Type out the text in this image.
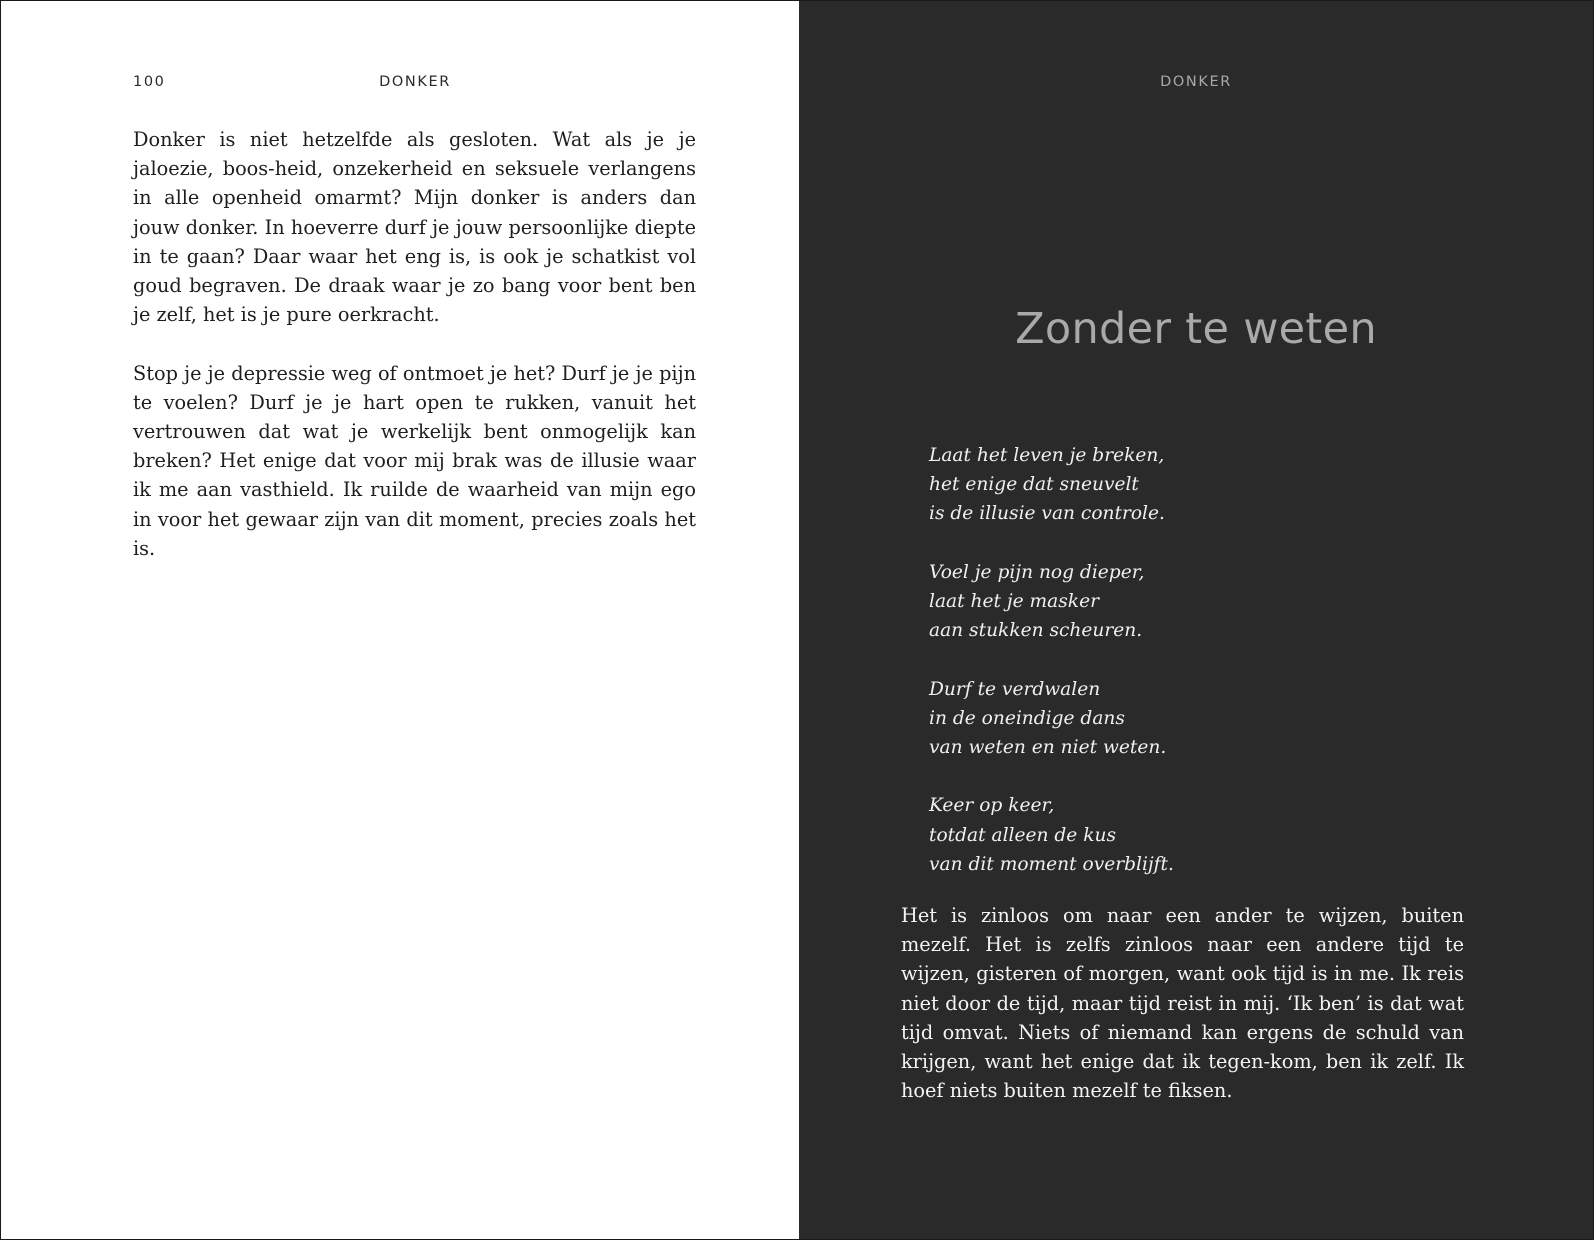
100	DONKER

Donker is niet hetzelfde als gesloten. Wat als je je jaloezie, boos-heid, onzekerheid en seksuele verlangens in alle openheid omarmt? Mijn donker is anders dan jouw donker. In hoeverre durf je jouw persoonlijke diepte in te gaan? Daar waar het eng is, is ook je schatkist vol goud begraven. De draak waar je zo bang voor bent ben je zelf, het is je pure oerkracht.

Stop je je depressie weg of ontmoet je het? Durf je je pijn te voelen? Durf je je hart open te rukken, vanuit het vertrouwen dat wat je werkelijk bent onmogelijk kan breken? Het enige dat voor mij brak was de illusie waar ik me aan vasthield. Ik ruilde de waarheid van mijn ego in voor het gewaar zijn van dit moment, precies zoals het is.

DONKER
Zonder te weten
Laat het leven je breken,
het enige dat sneuvelt
is de illusie van controle.
Voel je pijn nog dieper,
laat het je masker
aan stukken scheuren.
Durf te verdwalen
in de oneindige dans
van weten en niet weten.
Keer op keer,
totdat alleen de kus
van dit moment overblijft.

Het is zinloos om naar een ander te wijzen, buiten mezelf. Het is zelfs zinloos naar een andere tijd te wijzen, gisteren of morgen, want ook tijd is in me. Ik reis niet door de tijd, maar tijd reist in mij. ‘Ik ben’ is dat wat tijd omvat. Niets of niemand kan ergens de schuld van krijgen, want het enige dat ik tegen-kom, ben ik zelf. Ik hoef niets buiten mezelf te fiksen.
